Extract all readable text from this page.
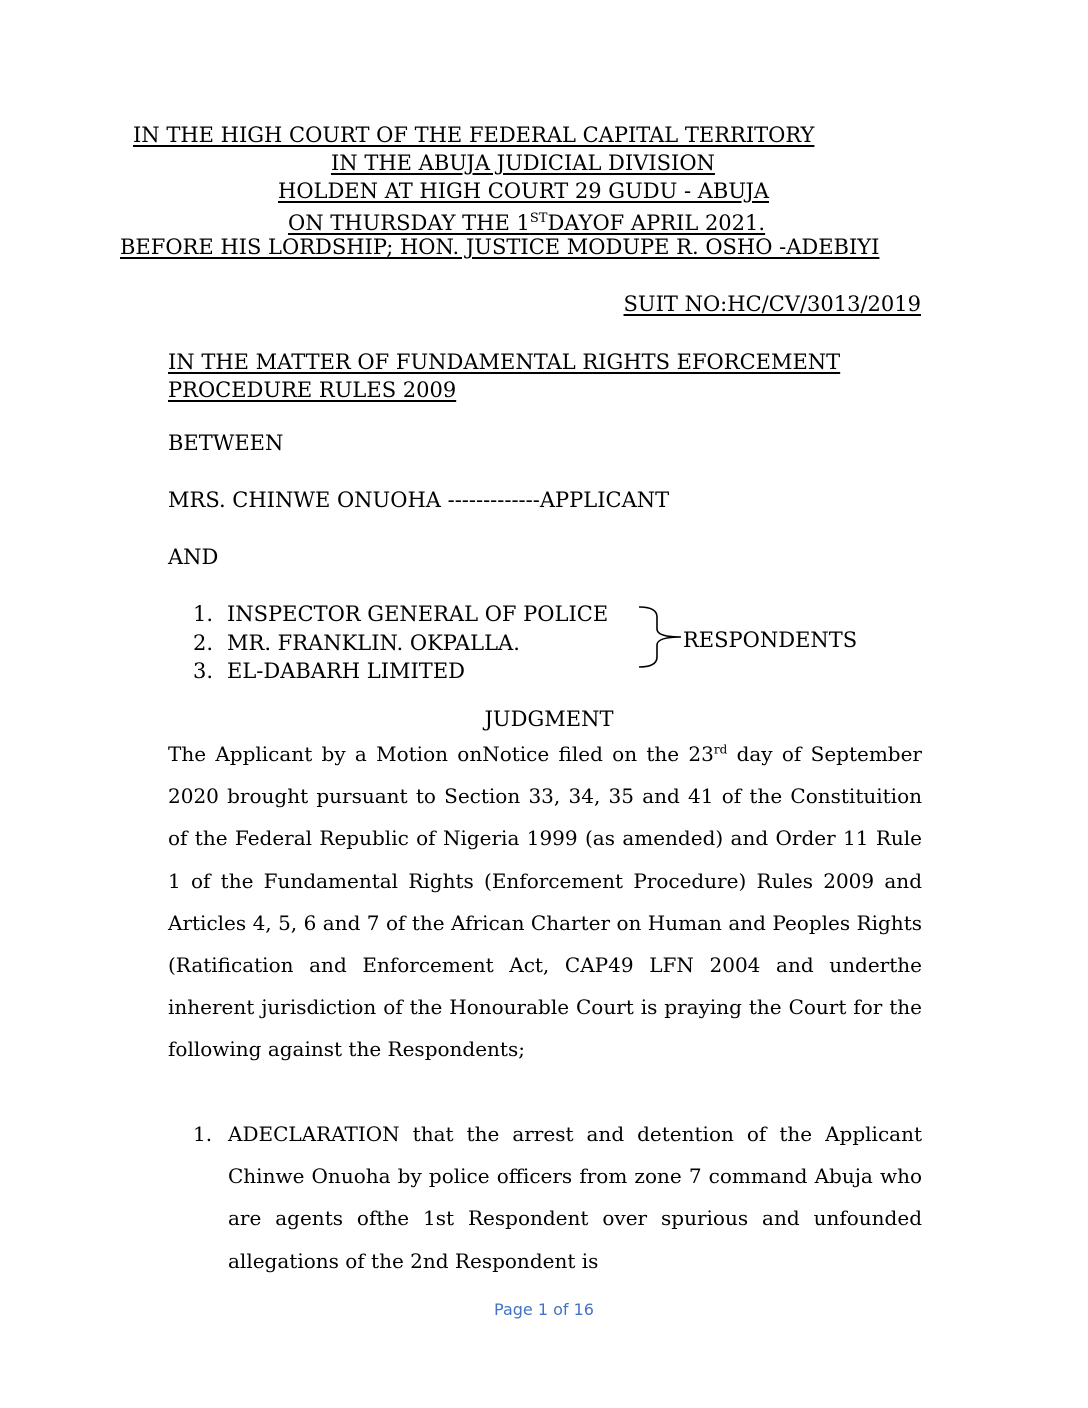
IN THE HIGH COURT OF THE FEDERAL CAPITAL TERRITORY
IN THE ABUJA JUDICIAL DIVISION
HOLDEN AT HIGH COURT 29 GUDU - ABUJA
ON THURSDAY THE 1STDAYOF APRIL 2021.
BEFORE HIS LORDSHIP; HON. JUSTICE MODUPE R. OSHO -ADEBIYI
SUIT NO:HC/CV/3013/2019
IN THE MATTER OF FUNDAMENTAL RIGHTS EFORCEMENT
PROCEDURE RULES 2009
BETWEEN
MRS. CHINWE ONUOHA -------------APPLICANT
AND
1. INSPECTOR GENERAL OF POLICE
2. MR. FRANKLIN. OKPALLA.
3. EL-DABARH LIMITED
RESPONDENTS
JUDGMENT
The Applicant by a Motion onNotice filed on the 23rd day of September 2020 brought pursuant to Section 33, 34, 35 and 41 of the Constituition of the Federal Republic of Nigeria 1999 (as amended) and Order 11 Rule 1 of the Fundamental Rights (Enforcement Procedure) Rules 2009 and Articles 4, 5, 6 and 7 of the African Charter on Human and Peoples Rights (Ratification and Enforcement Act, CAP49 LFN 2004 and underthe inherent jurisdiction of the Honourable Court is praying the Court for the following against the Respondents;
1. ADECLARATION that the arrest and detention of the Applicant Chinwe Onuoha by police officers from zone 7 command Abuja who are agents ofthe 1st Respondent over spurious and unfounded allegations of the 2nd Respondent is
Page 1 of 16
